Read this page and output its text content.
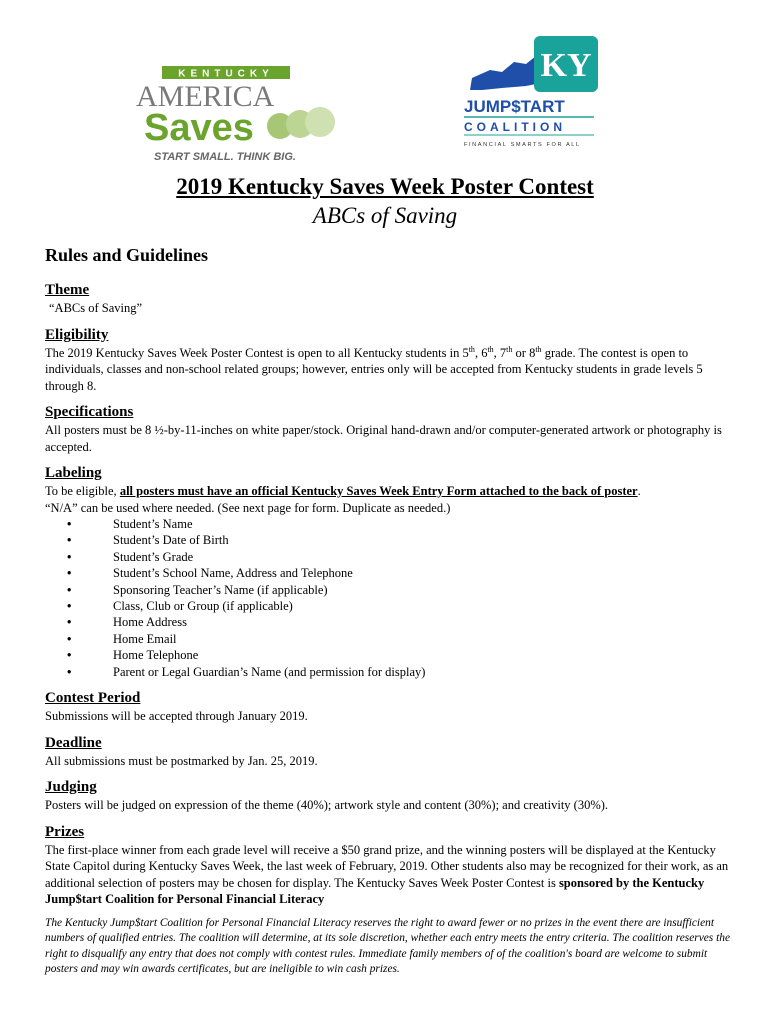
KENTUCKY
AMERICA
Saves
START SMALL. THINK BIG.
KY
JUMP$TART
COALITION
FINANCIAL SMARTS FOR ALL

2019 Kentucky Saves Week Poster Contest

ABCs of Saving

Rules and Guidelines

Theme

“ABCs of Saving”

Eligibility

The 2019 Kentucky Saves Week Poster Contest is open to all Kentucky students in 5th, 6th, 7th or 8th grade. The contest is open to individuals, classes and non-school related groups; however, entries only will be accepted from Kentucky students in grade levels 5 through 8.

Specifications

All posters must be 8 ½-by-11-inches on white paper/stock. Original hand-drawn and/or computer-generated artwork or photography is accepted.

Labeling

To be eligible, all posters must have an official Kentucky Saves Week Entry Form attached to the back of poster.

“N/A” can be used where needed. (See next page for form. Duplicate as needed.)

• Student’s Name
• Student’s Date of Birth
• Student’s Grade
• Student’s School Name, Address and Telephone
• Sponsoring Teacher’s Name (if applicable)
• Class, Club or Group (if applicable)
• Home Address
• Home Email
• Home Telephone
• Parent or Legal Guardian’s Name (and permission for display)

Contest Period

Submissions will be accepted through January 2019.

Deadline

All submissions must be postmarked by Jan. 25, 2019.

Judging

Posters will be judged on expression of the theme (40%); artwork style and content (30%); and creativity (30%).

Prizes

The first-place winner from each grade level will receive a $50 grand prize, and the winning posters will be displayed at the Kentucky State Capitol during Kentucky Saves Week, the last week of February, 2019. Other students also may be recognized for their work, as an additional selection of posters may be chosen for display. The Kentucky Saves Week Poster Contest is sponsored by the Kentucky Jump$tart Coalition for Personal Financial Literacy

The Kentucky Jump$tart Coalition for Personal Financial Literacy reserves the right to award fewer or no prizes in the event there are insufficient numbers of qualified entries. The coalition will determine, at its sole discretion, whether each entry meets the entry criteria. The coalition reserves the right to disqualify any entry that does not comply with contest rules. Immediate family members of of the coalition's board are welcome to submit posters and may win awards certificates, but are ineligible to win cash prizes.
